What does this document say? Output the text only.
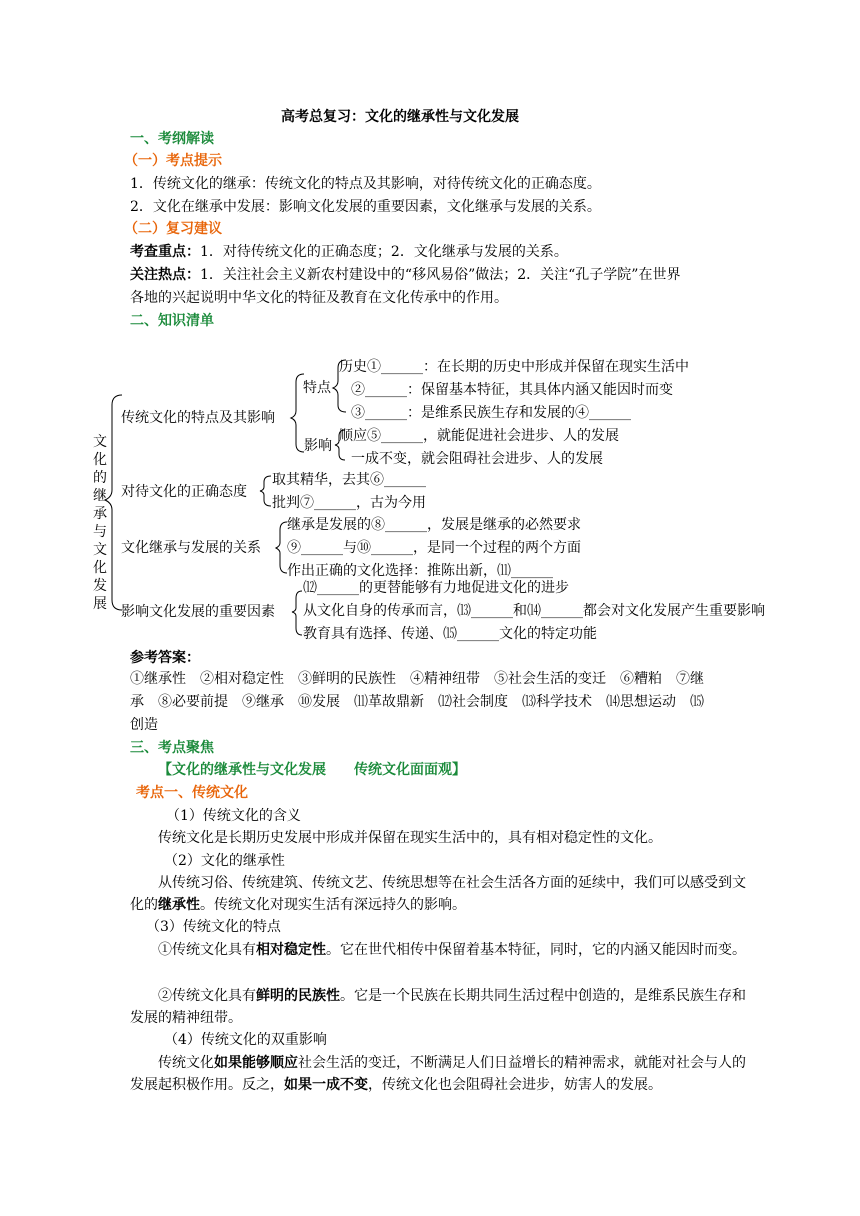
高考总复习：文化的继承性与文化发展
一、考纲解读
（一）考点提示
1．传统文化的继承：传统文化的特点及其影响，对待传统文化的正确态度。
2．文化在继承中发展：影响文化发展的重要因素，文化继承与发展的关系。
（二）复习建议
考查重点：1．对待传统文化的正确态度；2．文化继承与发展的关系。
关注热点：1．关注社会主义新农村建设中的“移风易俗”做法；2．关注“孔子学院”在世界
各地的兴起说明中华文化的特征及教育在文化传承中的作用。
二、知识清单
文化的继承与文化发展
传统文化的特点及其影响
特点
历史①______：在长期的历史中形成并保留在现实生活中
②______：保留基本特征，其具体内涵又能因时而变
③______：是维系民族生存和发展的④______
影响
顺应⑤______，就能促进社会进步、人的发展
一成不变，就会阻碍社会进步、人的发展
对待文化的正确态度
取其精华，去其⑥______
批判⑦______，古为今用
文化继承与发展的关系
继承是发展的⑧______，发展是继承的必然要求
⑨______与⑩______，是同一个过程的两个方面
作出正确的文化选择：推陈出新，⑾______
影响文化发展的重要因素
⑿______的更替能够有力地促进文化的进步
从文化自身的传承而言，⒀______和⒁______都会对文化发展产生重要影响
教育具有选择、传递、⒂______文化的特定功能
参考答案：
①继承性　②相对稳定性　③鲜明的民族性　④精神纽带　⑤社会生活的变迁　⑥糟粕　⑦继
承　⑧必要前提　⑨继承　⑩发展　⑾革故鼎新　⑿社会制度　⒀科学技术　⒁思想运动　⒂
创造
三、考点聚焦
【文化的继承性与文化发展　　传统文化面面观】
考点一、传统文化
（1）传统文化的含义
传统文化是长期历史发展中形成并保留在现实生活中的，具有相对稳定性的文化。
（2）文化的继承性
从传统习俗、传统建筑、传统文艺、传统思想等在社会生活各方面的延续中，我们可以感受到文化的继承性。传统文化对现实生活有深远持久的影响。
（3）传统文化的特点
①传统文化具有相对稳定性。它在世代相传中保留着基本特征，同时，它的内涵又能因时而变。
②传统文化具有鲜明的民族性。它是一个民族在长期共同生活过程中创造的，是维系民族生存和发展的精神纽带。
（4）传统文化的双重影响
传统文化如果能够顺应社会生活的变迁，不断满足人们日益增长的精神需求，就能对社会与人的发展起积极作用。反之，如果一成不变，传统文化也会阻碍社会进步，妨害人的发展。
